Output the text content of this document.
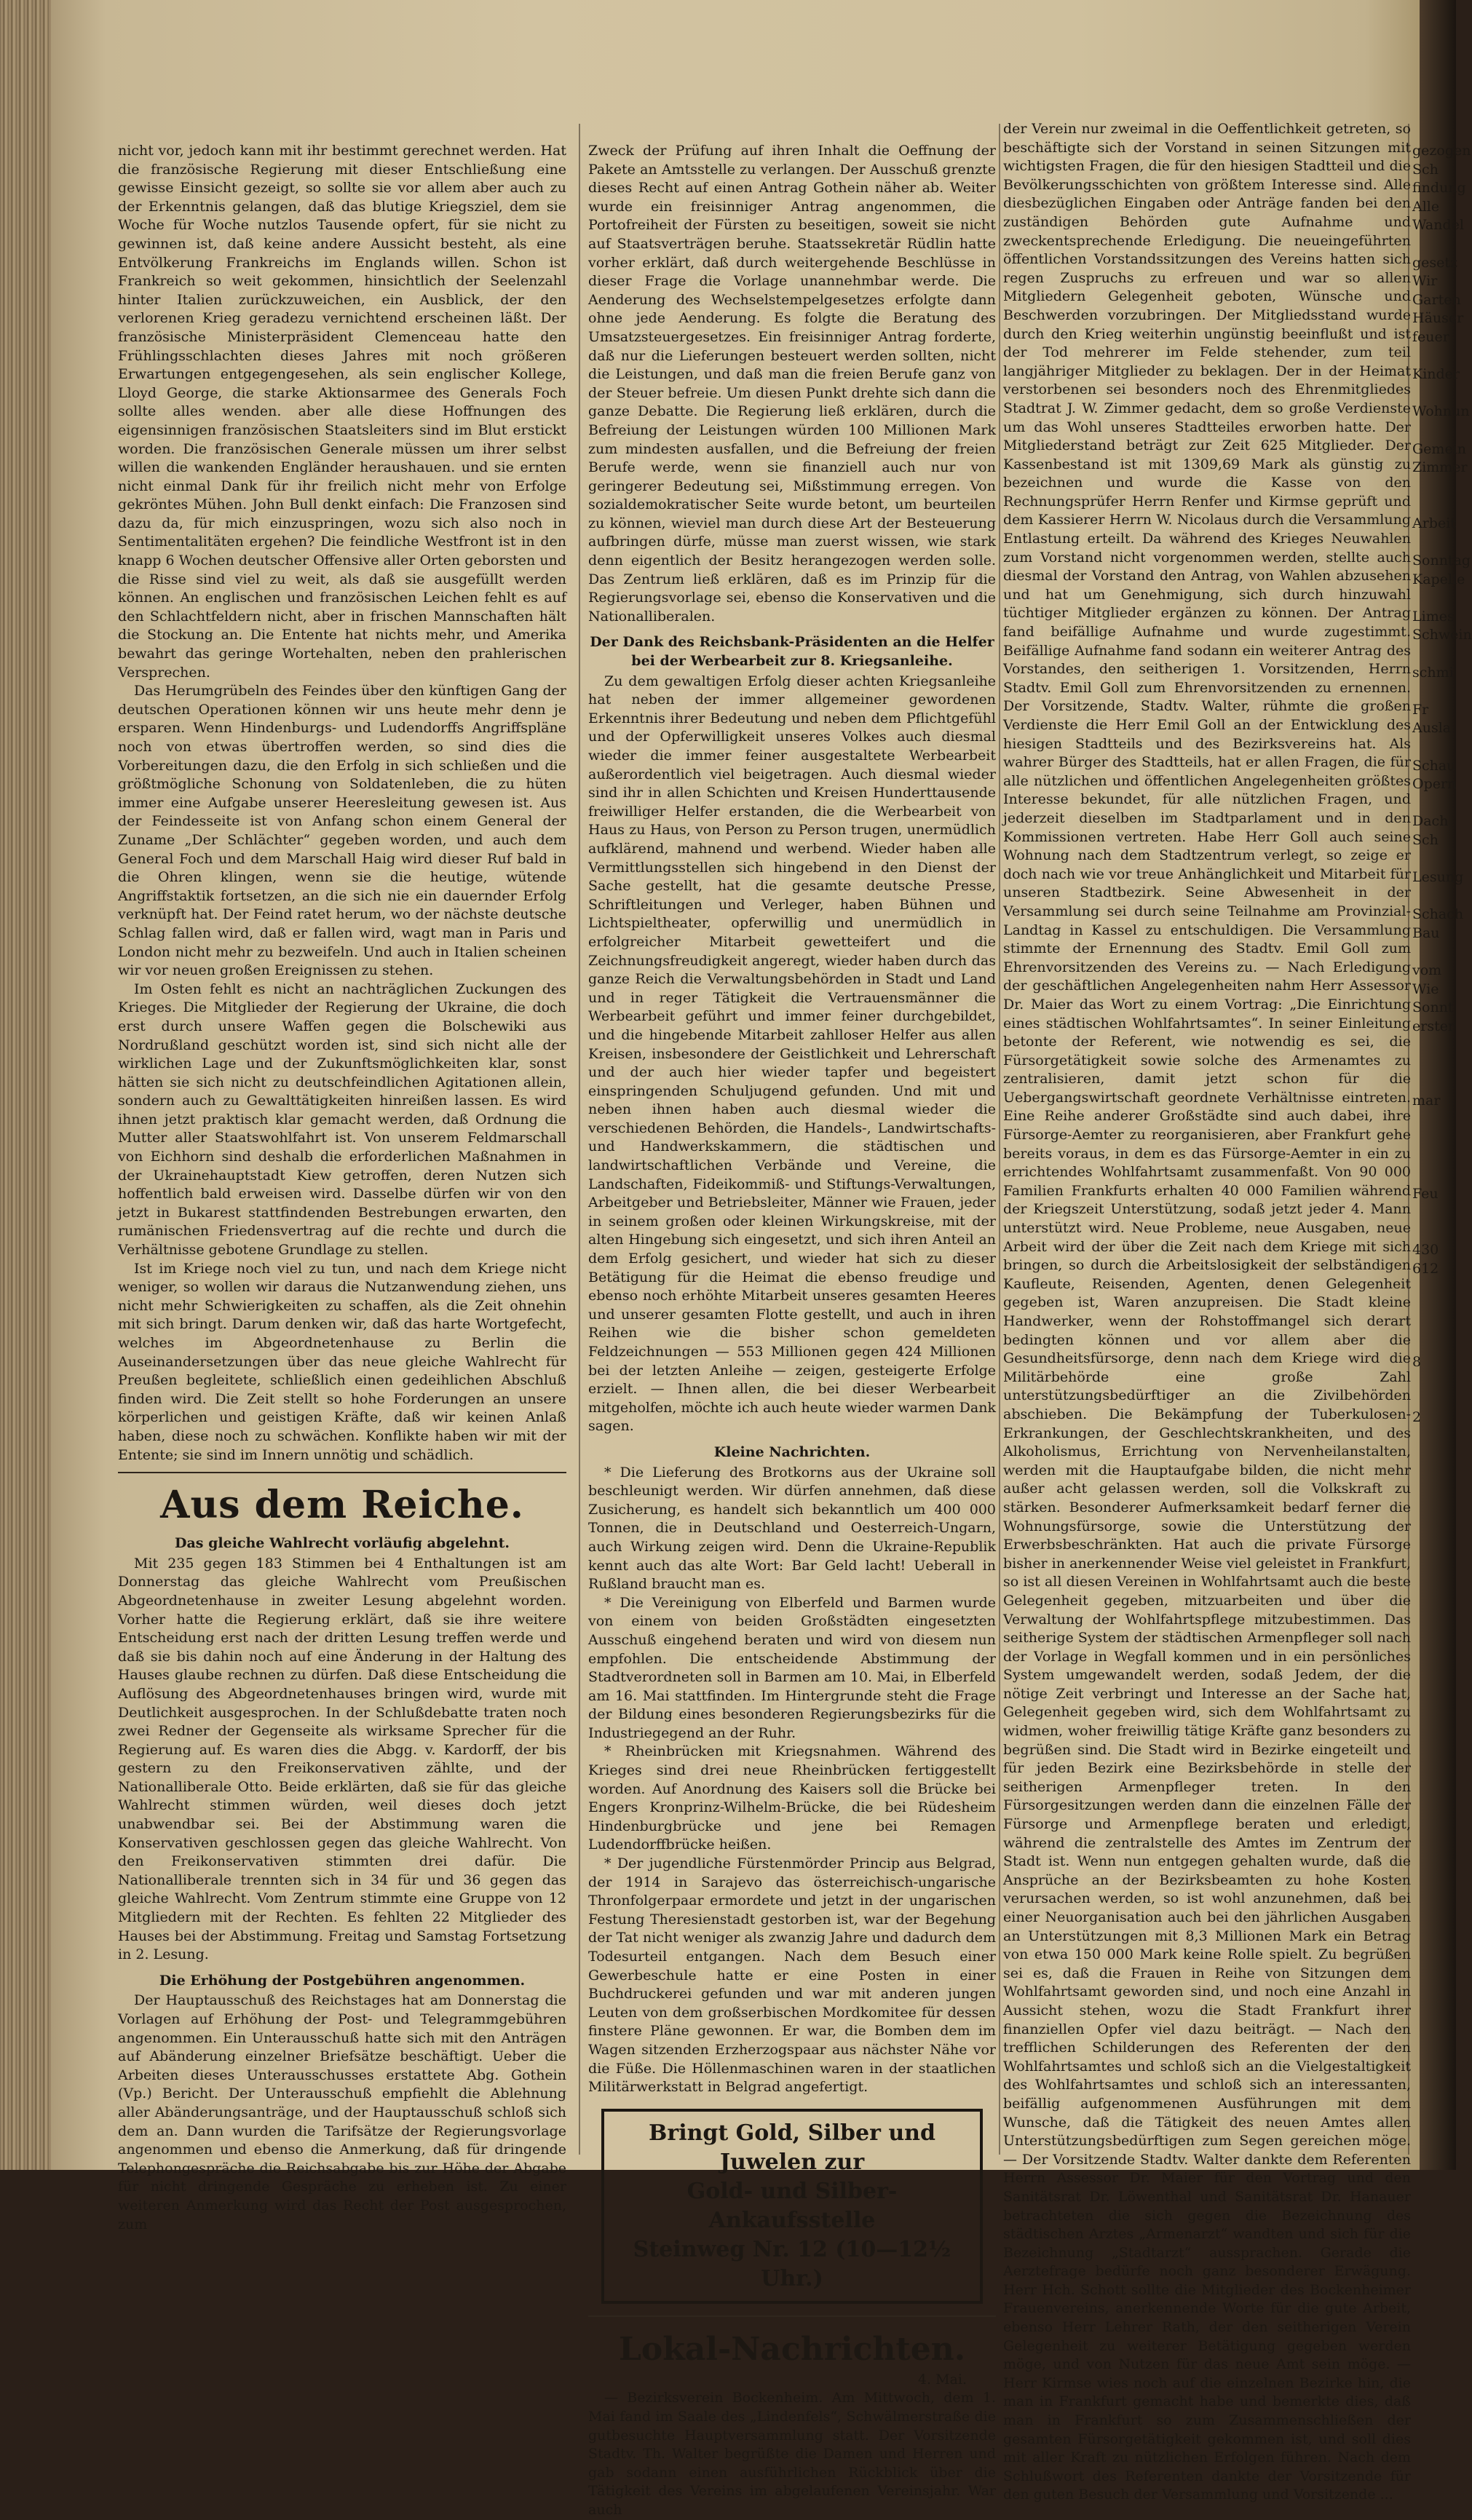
nicht vor, jedoch kann mit ihr bestimmt gerechnet werden. Hat die französische Regierung mit dieser Entschließung eine gewisse Einsicht gezeigt, so sollte sie vor allem aber auch zu der Erkenntnis gelangen, daß das blutige Kriegsziel, dem sie Woche für Woche nutzlos Tausende opfert, für sie nicht zu gewinnen ist, daß keine andere Aussicht besteht, als eine Entvölkerung Frankreichs im Englands willen. Schon ist Frankreich so weit gekommen, hinsichtlich der Seelenzahl hinter Italien zurückzuweichen, ein Ausblick, der den verlorenen Krieg geradezu vernichtend erscheinen läßt. Der französische Ministerpräsident Clemenceau hatte den Frühlingsschlachten dieses Jahres mit noch größeren Erwartungen entgegengesehen, als sein englischer Kollege, Lloyd George, die starke Aktionsarmee des Generals Foch sollte alles wenden. aber alle diese Hoffnungen des eigensinnigen französischen Staatsleiters sind im Blut erstickt worden. Die französischen Generale müssen um ihrer selbst willen die wankenden Engländer heraushauen. und sie ernten nicht einmal Dank für ihr freilich nicht mehr von Erfolge gekröntes Mühen. John Bull denkt einfach: Die Franzosen sind dazu da, für mich einzuspringen, wozu sich also noch in Sentimentalitäten ergehen? Die feindliche Westfront ist in den knapp 6 Wochen deutscher Offensive aller Orten geborsten und die Risse sind viel zu weit, als daß sie ausgefüllt werden können. An englischen und französischen Leichen fehlt es auf den Schlachtfeldern nicht, aber in frischen Mannschaften hält die Stockung an. Die Entente hat nichts mehr, und Amerika bewahrt das geringe Wortehalten, neben den prahlerischen Versprechen.

Das Herumgrübeln des Feindes über den künftigen Gang der deutschen Operationen können wir uns heute mehr denn je ersparen. Wenn Hindenburgs- und Ludendorffs Angriffspläne noch von etwas übertroffen werden, so sind dies die Vorbereitungen dazu, die den Erfolg in sich schließen und die größtmögliche Schonung von Soldatenleben, die zu hüten immer eine Aufgabe unserer Heeresleitung gewesen ist. Aus der Feindesseite ist von Anfang schon einem General der Zuname „Der Schlächter“ gegeben worden, und auch dem General Foch und dem Marschall Haig wird dieser Ruf bald in die Ohren klingen, wenn sie die heutige, wütende Angriffstaktik fortsetzen, an die sich nie ein dauernder Erfolg verknüpft hat. Der Feind ratet herum, wo der nächste deutsche Schlag fallen wird, daß er fallen wird, wagt man in Paris und London nicht mehr zu bezweifeln. Und auch in Italien scheinen wir vor neuen großen Ereignissen zu stehen.

Im Osten fehlt es nicht an nachträglichen Zuckungen des Krieges. Die Mitglieder der Regierung der Ukraine, die doch erst durch unsere Waffen gegen die Bolschewiki aus Nordrußland geschützt worden ist, sind sich nicht alle der wirklichen Lage und der Zukunftsmöglichkeiten klar, sonst hätten sie sich nicht zu deutschfeindlichen Agitationen allein, sondern auch zu Gewalttätigkeiten hinreißen lassen. Es wird ihnen jetzt praktisch klar gemacht werden, daß Ordnung die Mutter aller Staatswohlfahrt ist. Von unserem Feldmarschall von Eichhorn sind deshalb die erforderlichen Maßnahmen in der Ukrainehauptstadt Kiew getroffen, deren Nutzen sich hoffentlich bald erweisen wird. Dasselbe dürfen wir von den jetzt in Bukarest stattfindenden Bestrebungen erwarten, den rumänischen Friedensvertrag auf die rechte und durch die Verhältnisse gebotene Grundlage zu stellen.

Ist im Kriege noch viel zu tun, und nach dem Kriege nicht weniger, so wollen wir daraus die Nutzanwendung ziehen, uns nicht mehr Schwierigkeiten zu schaffen, als die Zeit ohnehin mit sich bringt. Darum denken wir, daß das harte Wortgefecht, welches im Abgeordnetenhause zu Berlin die Auseinandersetzungen über das neue gleiche Wahlrecht für Preußen begleitete, schließlich einen gedeihlichen Abschluß finden wird. Die Zeit stellt so hohe Forderungen an unsere körperlichen und geistigen Kräfte, daß wir keinen Anlaß haben, diese noch zu schwächen. Konflikte haben wir mit der Entente; sie sind im Innern unnötig und schädlich.

Aus dem Reiche.
Das gleiche Wahlrecht vorläufig abgelehnt.

Mit 235 gegen 183 Stimmen bei 4 Enthaltungen ist am Donnerstag das gleiche Wahlrecht vom Preußischen Abgeordnetenhause in zweiter Lesung abgelehnt worden. Vorher hatte die Regierung erklärt, daß sie ihre weitere Entscheidung erst nach der dritten Lesung treffen werde und daß sie bis dahin noch auf eine Änderung in der Haltung des Hauses glaube rechnen zu dürfen. Daß diese Entscheidung die Auflösung des Abgeordnetenhauses bringen wird, wurde mit Deutlichkeit ausgesprochen. In der Schlußdebatte traten noch zwei Redner der Gegenseite als wirksame Sprecher für die Regierung auf. Es waren dies die Abgg. v. Kardorff, der bis gestern zu den Freikonservativen zählte, und der Nationalliberale Otto. Beide erklärten, daß sie für das gleiche Wahlrecht stimmen würden, weil dieses doch jetzt unabwendbar sei. Bei der Abstimmung waren die Konservativen geschlossen gegen das gleiche Wahlrecht. Von den Freikonservativen stimmten drei dafür. Die Nationalliberale trennten sich in 34 für und 36 gegen das gleiche Wahlrecht. Vom Zentrum stimmte eine Gruppe von 12 Mitgliedern mit der Rechten. Es fehlten 22 Mitglieder des Hauses bei der Abstimmung. Freitag und Samstag Fortsetzung in 2. Lesung.

Die Erhöhung der Postgebühren angenommen.

Der Hauptausschuß des Reichstages hat am Donnerstag die Vorlagen auf Erhöhung der Post- und Telegrammgebühren angenommen. Ein Unterausschuß hatte sich mit den Anträgen auf Abänderung einzelner Briefsätze beschäftigt. Ueber die Arbeiten dieses Unterausschusses erstattete Abg. Gothein (Vp.) Bericht. Der Unterausschuß empfiehlt die Ablehnung aller Abänderungsanträge, und der Hauptausschuß schloß sich dem an. Dann wurden die Tarifsätze der Regierungsvorlage angenommen und ebenso die Anmerkung, daß für dringende Telephongespräche die Reichsabgabe bis zur Höhe der Abgabe für nicht dringende Gespräche zu erheben ist. Zu einer weiteren Anmerkung wird das Recht der Post ausgesprochen, zum

Zweck der Prüfung auf ihren Inhalt die Oeffnung der Pakete an Amtsstelle zu verlangen. Der Ausschuß grenzte dieses Recht auf einen Antrag Gothein näher ab. Weiter wurde ein freisinniger Antrag angenommen, die Portofreiheit der Fürsten zu beseitigen, soweit sie nicht auf Staatsverträgen beruhe. Staatssekretär Rüdlin hatte vorher erklärt, daß durch weitergehende Beschlüsse in dieser Frage die Vorlage unannehmbar werde. Die Aenderung des Wechselstempelgesetzes erfolgte dann ohne jede Aenderung. Es folgte die Beratung des Umsatzsteuergesetzes. Ein freisinniger Antrag forderte, daß nur die Lieferungen besteuert werden sollten, nicht die Leistungen, und daß man die freien Berufe ganz von der Steuer befreie. Um diesen Punkt drehte sich dann die ganze Debatte. Die Regierung ließ erklären, durch die Befreiung der Leistungen würden 100 Millionen Mark zum mindesten ausfallen, und die Befreiung der freien Berufe werde, wenn sie finanziell auch nur von geringerer Bedeutung sei, Mißstimmung erregen. Von sozialdemokratischer Seite wurde betont, um beurteilen zu können, wieviel man durch diese Art der Besteuerung aufbringen dürfe, müsse man zuerst wissen, wie stark denn eigentlich der Besitz herangezogen werden solle. Das Zentrum ließ erklären, daß es im Prinzip für die Regierungsvorlage sei, ebenso die Konservativen und die Nationalliberalen.

Der Dank des Reichsbank-Präsidenten an die Helfer bei der Werbearbeit zur 8. Kriegsanleihe.

Zu dem gewaltigen Erfolg dieser achten Kriegsanleihe hat neben der immer allgemeiner gewordenen Erkenntnis ihrer Bedeutung und neben dem Pflichtgefühl und der Opferwilligkeit unseres Volkes auch diesmal wieder die immer feiner ausgestaltete Werbearbeit außerordentlich viel beigetragen. Auch diesmal wieder sind ihr in allen Schichten und Kreisen Hunderttausende freiwilliger Helfer erstanden, die die Werbearbeit von Haus zu Haus, von Person zu Person trugen, unermüdlich aufklärend, mahnend und werbend. Wieder haben alle Vermittlungsstellen sich hingebend in den Dienst der Sache gestellt, hat die gesamte deutsche Presse, Schriftleitungen und Verleger, haben Bühnen und Lichtspieltheater, opferwillig und unermüdlich in erfolgreicher Mitarbeit gewetteifert und die Zeichnungsfreudigkeit angeregt, wieder haben durch das ganze Reich die Verwaltungsbehörden in Stadt und Land und in reger Tätigkeit die Vertrauensmänner die Werbearbeit geführt und immer feiner durchgebildet, und die hingebende Mitarbeit zahlloser Helfer aus allen Kreisen, insbesondere der Geistlichkeit und Lehrerschaft und der auch hier wieder tapfer und begeistert einspringenden Schuljugend gefunden. Und mit und neben ihnen haben auch diesmal wieder die verschiedenen Behörden, die Handels-, Landwirtschafts- und Handwerkskammern, die städtischen und landwirtschaftlichen Verbände und Vereine, die Landschaften, Fideikommiß- und Stiftungs-Verwaltungen, Arbeitgeber und Betriebsleiter, Männer wie Frauen, jeder in seinem großen oder kleinen Wirkungskreise, mit der alten Hingebung sich eingesetzt, und sich ihren Anteil an dem Erfolg gesichert, und wieder hat sich zu dieser Betätigung für die Heimat die ebenso freudige und ebenso noch erhöhte Mitarbeit unseres gesamten Heeres und unserer gesamten Flotte gestellt, und auch in ihren Reihen wie die bisher schon gemeldeten Feldzeichnungen — 553 Millionen gegen 424 Millionen bei der letzten Anleihe — zeigen, gesteigerte Erfolge erzielt. — Ihnen allen, die bei dieser Werbearbeit mitgeholfen, möchte ich auch heute wieder warmen Dank sagen.

Kleine Nachrichten.

* Die Lieferung des Brotkorns aus der Ukraine soll beschleunigt werden. Wir dürfen annehmen, daß diese Zusicherung, es handelt sich bekanntlich um 400 000 Tonnen, die in Deutschland und Oesterreich-Ungarn, auch Wirkung zeigen wird. Denn die Ukraine-Republik kennt auch das alte Wort: Bar Geld lacht! Ueberall in Rußland braucht man es.

* Die Vereinigung von Elberfeld und Barmen wurde von einem von beiden Großstädten eingesetzten Ausschuß eingehend beraten und wird von diesem nun empfohlen. Die entscheidende Abstimmung der Stadtverordneten soll in Barmen am 10. Mai, in Elberfeld am 16. Mai stattfinden. Im Hintergrunde steht die Frage der Bildung eines besonderen Regierungsbezirks für die Industriegegend an der Ruhr.

* Rheinbrücken mit Kriegsnahmen. Während des Krieges sind drei neue Rheinbrücken fertiggestellt worden. Auf Anordnung des Kaisers soll die Brücke bei Engers Kronprinz-Wilhelm-Brücke, die bei Rüdesheim Hindenburgbrücke und jene bei Remagen Ludendorffbrücke heißen.

* Der jugendliche Fürstenmörder Princip aus Belgrad, der 1914 in Sarajevo das österreichisch-ungarische Thronfolgerpaar ermordete und jetzt in der ungarischen Festung Theresienstadt gestorben ist, war der Begehung der Tat nicht weniger als zwanzig Jahre und dadurch dem Todesurteil entgangen. Nach dem Besuch einer Gewerbeschule hatte er eine Posten in einer Buchdruckerei gefunden und war mit anderen jungen Leuten von dem großserbischen Mordkomitee für dessen finstere Pläne gewonnen. Er war, die Bomben dem im Wagen sitzenden Erzherzogspaar aus nächster Nähe vor die Füße. Die Höllenmaschinen waren in der staatlichen Militärwerkstatt in Belgrad angefertigt.

Bringt Gold, Silber und Juwelen zur
Gold- und Silber-Ankaufsstelle
Steinweg Nr. 12 (10—12½ Uhr.)
Lokal-Nachrichten.
4. Mai.

— Bezirksverein Bockenheim. Am Mittwoch, dem 1. Mai fand im Saale des „Lindenfels“, Schwälmerstraße die gutbesuchte Hauptversammlung statt. Der Vorsitzende Stadtv. Th. Walter begrüßte die Damen und Herren und gab sodann einen ausführlichen Rückblick über die Tätigkeit des Vereins im abgelaufenen Vereinsjahr. War auch

der Verein nur zweimal in die Oeffentlichkeit getreten, so beschäftigte sich der Vorstand in seinen Sitzungen mit wichtigsten Fragen, die für den hiesigen Stadtteil und die Bevölkerungsschichten von größtem Interesse sind. Alle diesbezüglichen Eingaben oder Anträge fanden bei den zuständigen Behörden gute Aufnahme und zweckentsprechende Erledigung. Die neueingeführten öffentlichen Vorstandssitzungen des Vereins hatten sich regen Zuspruchs zu erfreuen und war so allen Mitgliedern Gelegenheit geboten, Wünsche und Beschwerden vorzubringen. Der Mitgliedsstand wurde durch den Krieg weiterhin ungünstig beeinflußt und ist der Tod mehrerer im Felde stehender, zum teil langjähriger Mitglieder zu beklagen. Der in der Heimat verstorbenen sei besonders noch des Ehrenmitgliedes Stadtrat J. W. Zimmer gedacht, dem so große Verdienste um das Wohl unseres Stadtteiles erworben hatte. Der Mitgliederstand beträgt zur Zeit 625 Mitglieder. Der Kassenbestand ist mit 1309,69 Mark als günstig zu bezeichnen und wurde die Kasse von den Rechnungsprüfer Herrn Renfer und Kirmse geprüft und dem Kassierer Herrn W. Nicolaus durch die Versammlung Entlastung erteilt. Da während des Krieges Neuwahlen zum Vorstand nicht vorgenommen werden, stellte auch diesmal der Vorstand den Antrag, von Wahlen abzusehen und hat um Genehmigung, sich durch hinzuwahl tüchtiger Mitglieder ergänzen zu können. Der Antrag fand beifällige Aufnahme und wurde zugestimmt. Beifällige Aufnahme fand sodann ein weiterer Antrag des Vorstandes, den seitherigen 1. Vorsitzenden, Herrn Stadtv. Emil Goll zum Ehrenvorsitzenden zu ernennen. Der Vorsitzende, Stadtv. Walter, rühmte die großen Verdienste die Herr Emil Goll an der Entwicklung des hiesigen Stadtteils und des Bezirksvereins hat. Als wahrer Bürger des Stadtteils, hat er allen Fragen, die für alle nützlichen und öffentlichen Angelegenheiten größtes Interesse bekundet, für alle nützlichen Fragen, und jederzeit dieselben im Stadtparlament und in den Kommissionen vertreten. Habe Herr Goll auch seine Wohnung nach dem Stadtzentrum verlegt, so zeige er doch nach wie vor treue Anhänglichkeit und Mitarbeit für unseren Stadtbezirk. Seine Abwesenheit in der Versammlung sei durch seine Teilnahme am Provinzial-Landtag in Kassel zu entschuldigen. Die Versammlung stimmte der Ernennung des Stadtv. Emil Goll zum Ehrenvorsitzenden des Vereins zu. — Nach Erledigung der geschäftlichen Angelegenheiten nahm Herr Assessor Dr. Maier das Wort zu einem Vortrag: „Die Einrichtung eines städtischen Wohlfahrtsamtes“. In seiner Einleitung betonte der Referent, wie notwendig es sei, die Fürsorgetätigkeit sowie solche des Armenamtes zu zentralisieren, damit jetzt schon für die Uebergangswirtschaft geordnete Verhältnisse eintreten. Eine Reihe anderer Großstädte sind auch dabei, ihre Fürsorge-Aemter zu reorganisieren, aber Frankfurt gehe bereits voraus, in dem es das Fürsorge-Aemter in ein zu errichtendes Wohlfahrtsamt zusammenfaßt. Von 90 000 Familien Frankfurts erhalten 40 000 Familien während der Kriegszeit Unterstützung, sodaß jetzt jeder 4. Mann unterstützt wird. Neue Probleme, neue Ausgaben, neue Arbeit wird der über die Zeit nach dem Kriege mit sich bringen, so durch die Arbeitslosigkeit der selbständigen Kaufleute, Reisenden, Agenten, denen Gelegenheit gegeben ist, Waren anzupreisen. Die Stadt kleine Handwerker, wenn der Rohstoffmangel sich derart bedingten können und vor allem aber die Gesundheitsfürsorge, denn nach dem Kriege wird die Militärbehörde eine große Zahl unterstützungsbedürftiger an die Zivilbehörden abschieben. Die Bekämpfung der Tuberkulosen-Erkrankungen, der Geschlechtskrankheiten, und des Alkoholismus, Errichtung von Nervenheilanstalten, werden mit die Hauptaufgabe bilden, die nicht mehr außer acht gelassen werden, soll die Volkskraft zu stärken. Besonderer Aufmerksamkeit bedarf ferner die Wohnungsfürsorge, sowie die Unterstützung der Erwerbsbeschränkten. Hat auch die private Fürsorge bisher in anerkennender Weise viel geleistet in Frankfurt, so ist all diesen Vereinen in Wohlfahrtsamt auch die beste Gelegenheit gegeben, mitzuarbeiten und über die Verwaltung der Wohlfahrtspflege mitzubestimmen. Das seitherige System der städtischen Armenpfleger soll nach der Vorlage in Wegfall kommen und in ein persönliches System umgewandelt werden, sodaß Jedem, der die nötige Zeit verbringt und Interesse an der Sache hat, Gelegenheit gegeben wird, sich dem Wohlfahrtsamt zu widmen, woher freiwillig tätige Kräfte ganz besonders zu begrüßen sind. Die Stadt wird in Bezirke eingeteilt und für jeden Bezirk eine Bezirksbehörde in stelle der seitherigen Armenpfleger treten. In den Fürsorgesitzungen werden dann die einzelnen Fälle der Fürsorge und Armenpflege beraten und erledigt, während die zentralstelle des Amtes im Zentrum der Stadt ist. Wenn nun entgegen gehalten wurde, daß die Ansprüche an der Bezirksbeamten zu hohe Kosten verursachen werden, so ist wohl anzunehmen, daß bei einer Neuorganisation auch bei den jährlichen Ausgaben an Unterstützungen mit 8,3 Millionen Mark ein Betrag von etwa 150 000 Mark keine Rolle spielt. Zu begrüßen sei es, daß die Frauen in Reihe von Sitzungen dem Wohlfahrtsamt geworden sind, und noch eine Anzahl in Aussicht stehen, wozu die Stadt Frankfurt ihrer finanziellen Opfer viel dazu beiträgt. — Nach den trefflichen Schilderungen des Referenten der den Wohlfahrtsamtes und schloß sich an die Vielgestaltigkeit des Wohlfahrtsamtes und schloß sich an interessanten, beifällig aufgenommenen Ausführungen mit dem Wunsche, daß die Tätigkeit des neuen Amtes allen Unterstützungsbedürftigen zum Segen gereichen möge. — Der Vorsitzende Stadtv. Walter dankte dem Referenten Herrn Assessor Dr. Maier für den Vortrag und den Sanitätsrat Dr. Löwenthal und Sanitätsrat Dr. Hanauer betrachteten die sich gegen die Bezeichnung des städtischen Arztes „Armenarzt“ wandten und sich für die Bezeichnung „Stadtarzt“ aussprachen. Gerade die Aerztefrage bedürfe noch ganz besonderer Erwägung. Herr Hch. Schott sollte die Mitglieder des Bockenheimer Frauenvereins, anerkennende Worte für die gute Arbeit, ebenso Herr Lehrer Rath, der den seitherigen Verein Gelegenheit zu weiterer Betätigung gegeben werden möge, und von Nutzen für das neue Amt sein möge. — Herr Kirmse wies noch auf die einzelnen Bezirke hin, die man in Frankfurt gemacht habe und bemerkte dies, daß man in Frankfurt so zum Zusammenschließen der gesamten Fürsorgetätigkeit gekommen ist, und soll dies mit aller Kraft zu nützlichen Erfolgen führen. Nach dem Schlußwort des Referenten dankte der Vorsitzende für den guten Besuch der Versammlung und Vorsitzende ...

gezogen
Sch
findung
Alle
Wandel

gesetz
Wir
Garten
Häuser
feuer

Kinder

Wohnun

Gemein
Zimmer

Arbeit

Sonntag
Kapelle

Limes
Schwein

schmi

Fr
Ausla

Schau
Opern

Dach
Sch

Lesung

Schach
Bau

vom
Wie
Sonnt
erster

mar

Feu

430
612

8

2
